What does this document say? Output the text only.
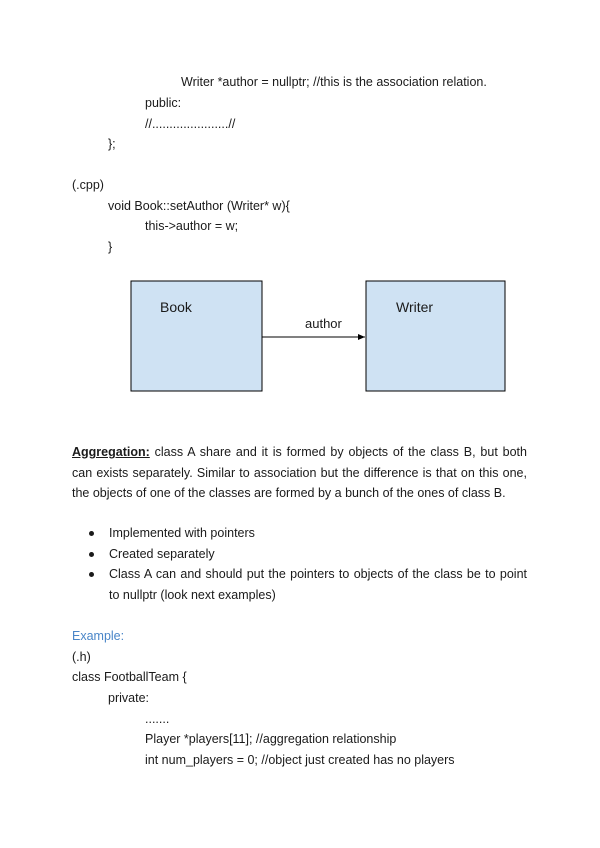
Writer *author = nullptr; //this is the association relation.
public:
//......................//
};
(.cpp)
void Book::setAuthor (Writer* w){
this->author = w;
}
Book	Writer
author
Aggregation: class A share and it is formed by objects of the class B, but both can exists separately. Similar to association but the difference is that on this one, the objects of one of the classes are formed by a bunch of the ones of class B.
Implemented with pointers
Created separately
Class A can and should put the pointers to objects of the class be to point to nullptr (look next examples)
Example:
(.h)
class FootballTeam {
private:
.......
Player *players[11]; //aggregation relationship
int num_players = 0; //object just created has no players
